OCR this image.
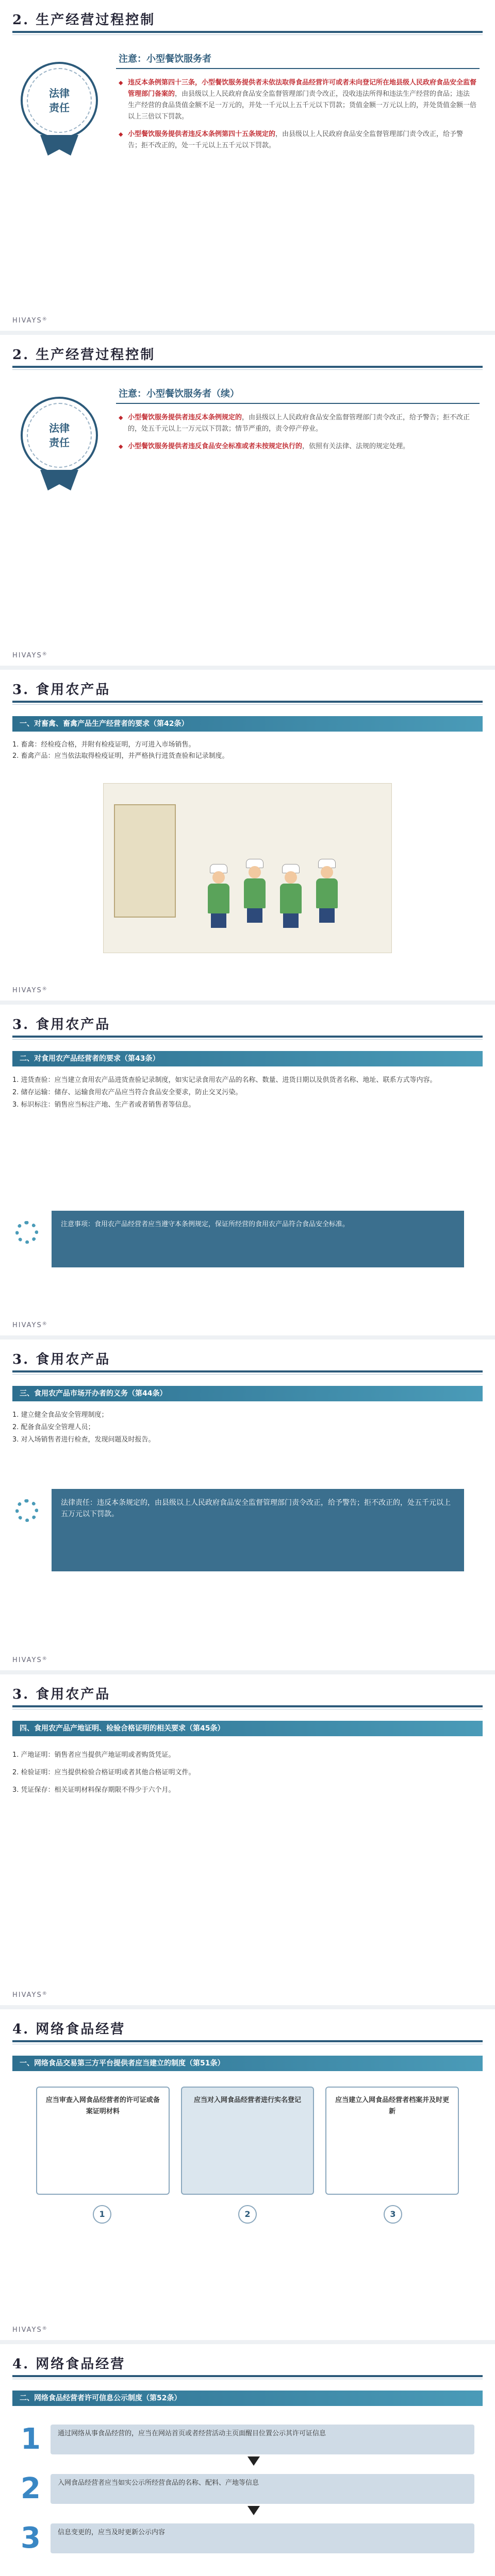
2. 生产经营过程控制
法律
责任
注意：小型餐饮服务者
◆ 违反本条例第四十三条，小型餐饮服务提供者未依法取得食品经营许可或者未向登记所在地县级人民政府食品安全监督管理部门备案的，由县级以上人民政府食品安全监督管理部门责令改正，没收违法所得和违法生产经营的食品；违法生产经营的食品货值金额不足一万元的，并处一千元以上五千元以下罚款；货值金额一万元以上的，并处货值金额一倍以上三倍以下罚款。
◆ 小型餐饮服务提供者违反本条例第四十五条规定的，由县级以上人民政府食品安全监督管理部门责令改正，给予警告；拒不改正的，处一千元以上五千元以下罚款。
HIVAYS®
2. 生产经营过程控制
法律
责任
注意：小型餐饮服务者（续）
◆ 小型餐饮服务提供者违反本条例规定的，由县级以上人民政府食品安全监督管理部门责令改正，给予警告；拒不改正的，处五千元以上一万元以下罚款；情节严重的，责令停产停业。
◆ 小型餐饮服务提供者违反食品安全标准或者未按规定执行的，依照有关法律、法规的规定处理。
HIVAYS®
3. 食用农产品
一、对畜禽、畜禽产品生产经营者的要求（第42条）
1. 畜禽：经检疫合格，并附有检疫证明，方可进入市场销售。
2. 畜禽产品：应当依法取得检疫证明，并严格执行进货查验和记录制度。
HIVAYS®
3. 食用农产品
二、对食用农产品经营者的要求（第43条）
1. 进货查验：应当建立食用农产品进货查验记录制度，如实记录食用农产品的名称、数量、进货日期以及供货者名称、地址、联系方式等内容。
2. 储存运输：储存、运输食用农产品应当符合食品安全要求，防止交叉污染。
3. 标识标注：销售应当标注产地、生产者或者销售者等信息。
注意事项：食用农产品经营者应当遵守本条例规定，保证所经营的食用农产品符合食品安全标准。
HIVAYS®
3. 食用农产品
三、食用农产品市场开办者的义务（第44条）
1. 建立健全食品安全管理制度；
2. 配备食品安全管理人员；
3. 对入场销售者进行检查，发现问题及时报告。
法律责任：违反本条规定的，由县级以上人民政府食品安全监督管理部门责令改正，给予警告；拒不改正的，处五千元以上五万元以下罚款。
HIVAYS®
3. 食用农产品
四、食用农产品产地证明、检验合格证明的相关要求（第45条）
1. 产地证明：销售者应当提供产地证明或者购货凭证。
2. 检验证明：应当提供检验合格证明或者其他合格证明文件。
3. 凭证保存：相关证明材料保存期限不得少于六个月。
HIVAYS®
4. 网络食品经营
一、网络食品交易第三方平台提供者应当建立的制度（第51条）
应当审查入网食品经营者的许可证或备案证明材料
应当对入网食品经营者进行实名登记	应当建立入网食品经营者档案并及时更新
1	2	3
HIVAYS®
4. 网络食品经营
二、网络食品经营者许可信息公示制度（第52条）
1	通过网络从事食品经营的，应当在网站首页或者经营活动主页面醒目位置公示其许可证信息
2	入网食品经营者应当如实公示所经营食品的名称、配料、产地等信息
3	信息变更的，应当及时更新公示内容
